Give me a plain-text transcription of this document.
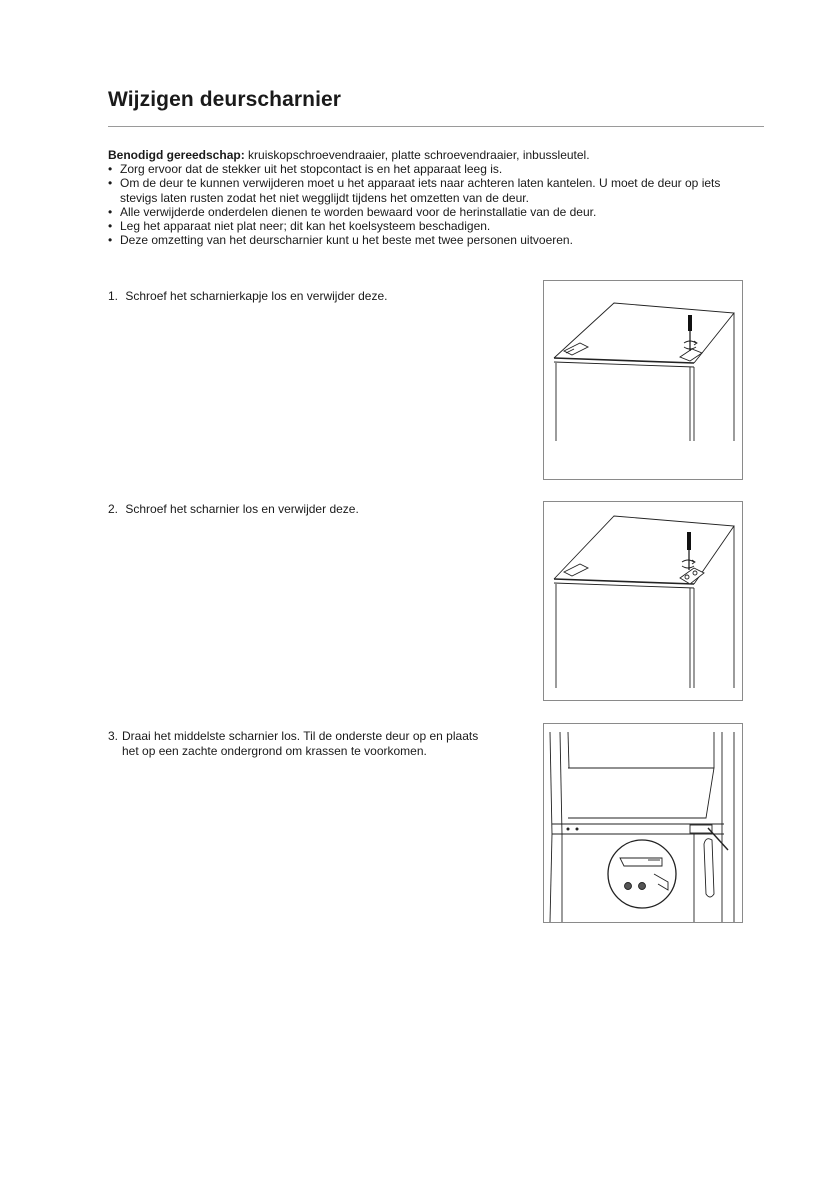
Wijzigen deurscharnier
Benodigd gereedschap: kruiskopschroevendraaier, platte schroevendraaier, inbussleutel.
• Zorg ervoor dat de stekker uit het stopcontact is en het apparaat leeg is.
• Om de deur te kunnen verwijderen moet u het apparaat iets naar achteren laten kantelen. U moet de deur op iets stevigs laten rusten zodat het niet wegglijdt tijdens het omzetten van de deur.
• Alle verwijderde onderdelen dienen te worden bewaard voor de herinstallatie van de deur.
• Leg het apparaat niet plat neer; dit kan het koelsysteem beschadigen.
• Deze omzetting van het deurscharnier kunt u het beste met twee personen uitvoeren.
1. Schroef het scharnierkapje los en verwijder deze.
2. Schroef het scharnier los en verwijder deze.
3. Draai het middelste scharnier los. Til de onderste deur op en plaats
het op een zachte ondergrond om krassen te voorkomen.
